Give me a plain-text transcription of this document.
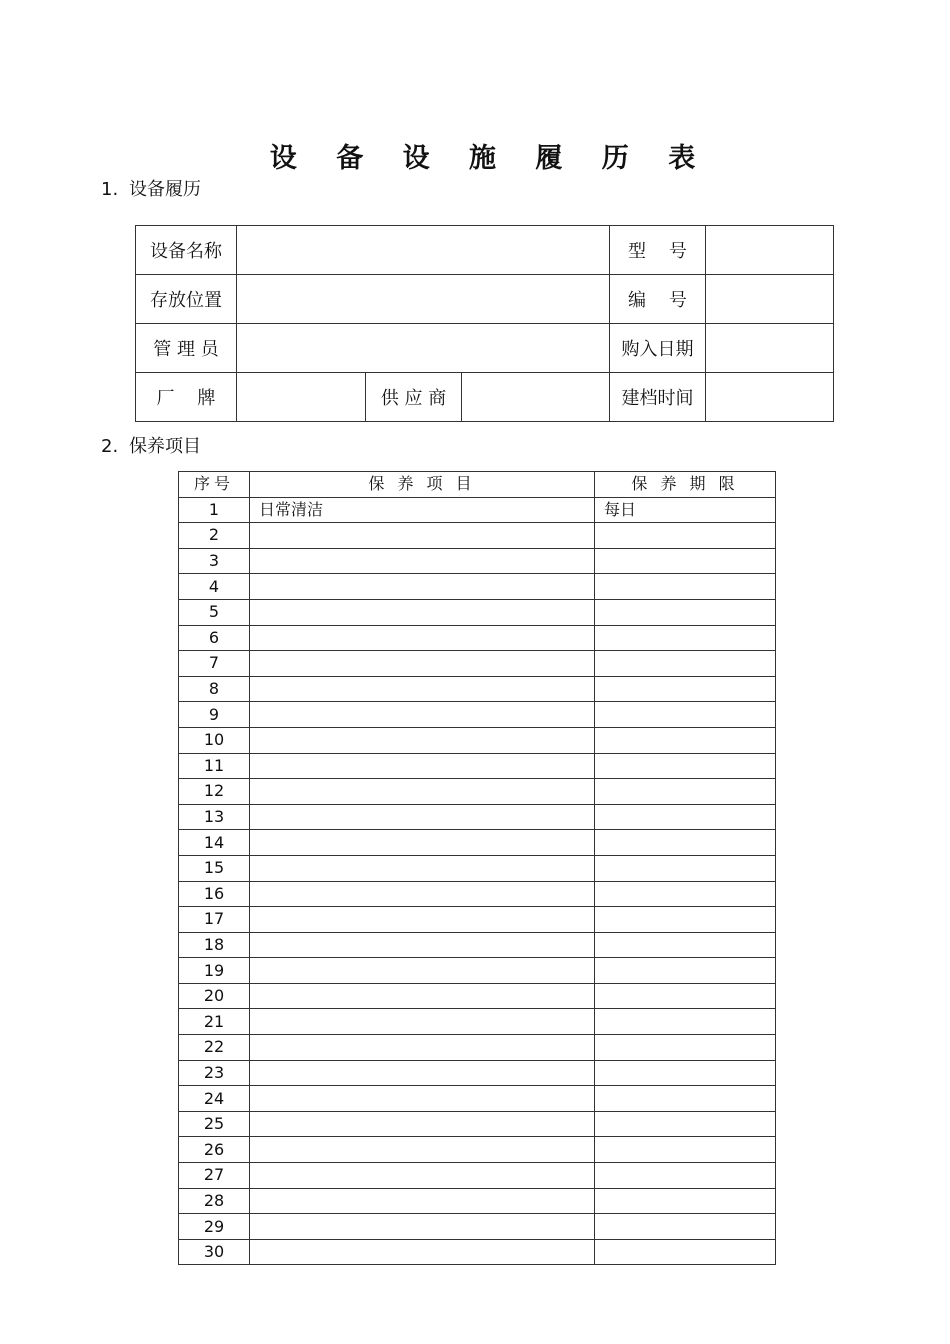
设 备 设 施 履 历 表
1. 设备履历
设备名称				型    号	
存放位置				编    号	
管 理 员				购入日期	
厂    牌		供 应 商		建档时间	
2. 保养项目
序号	保 养 项 目	保 养 期 限
1	日常清洁	每日
2		
3		
4		
5		
6		
7		
8		
9		
10		
11		
12		
13		
14		
15		
16		
17		
18		
19		
20		
21		
22		
23		
24		
25		
26		
27		
28		
29		
30		
